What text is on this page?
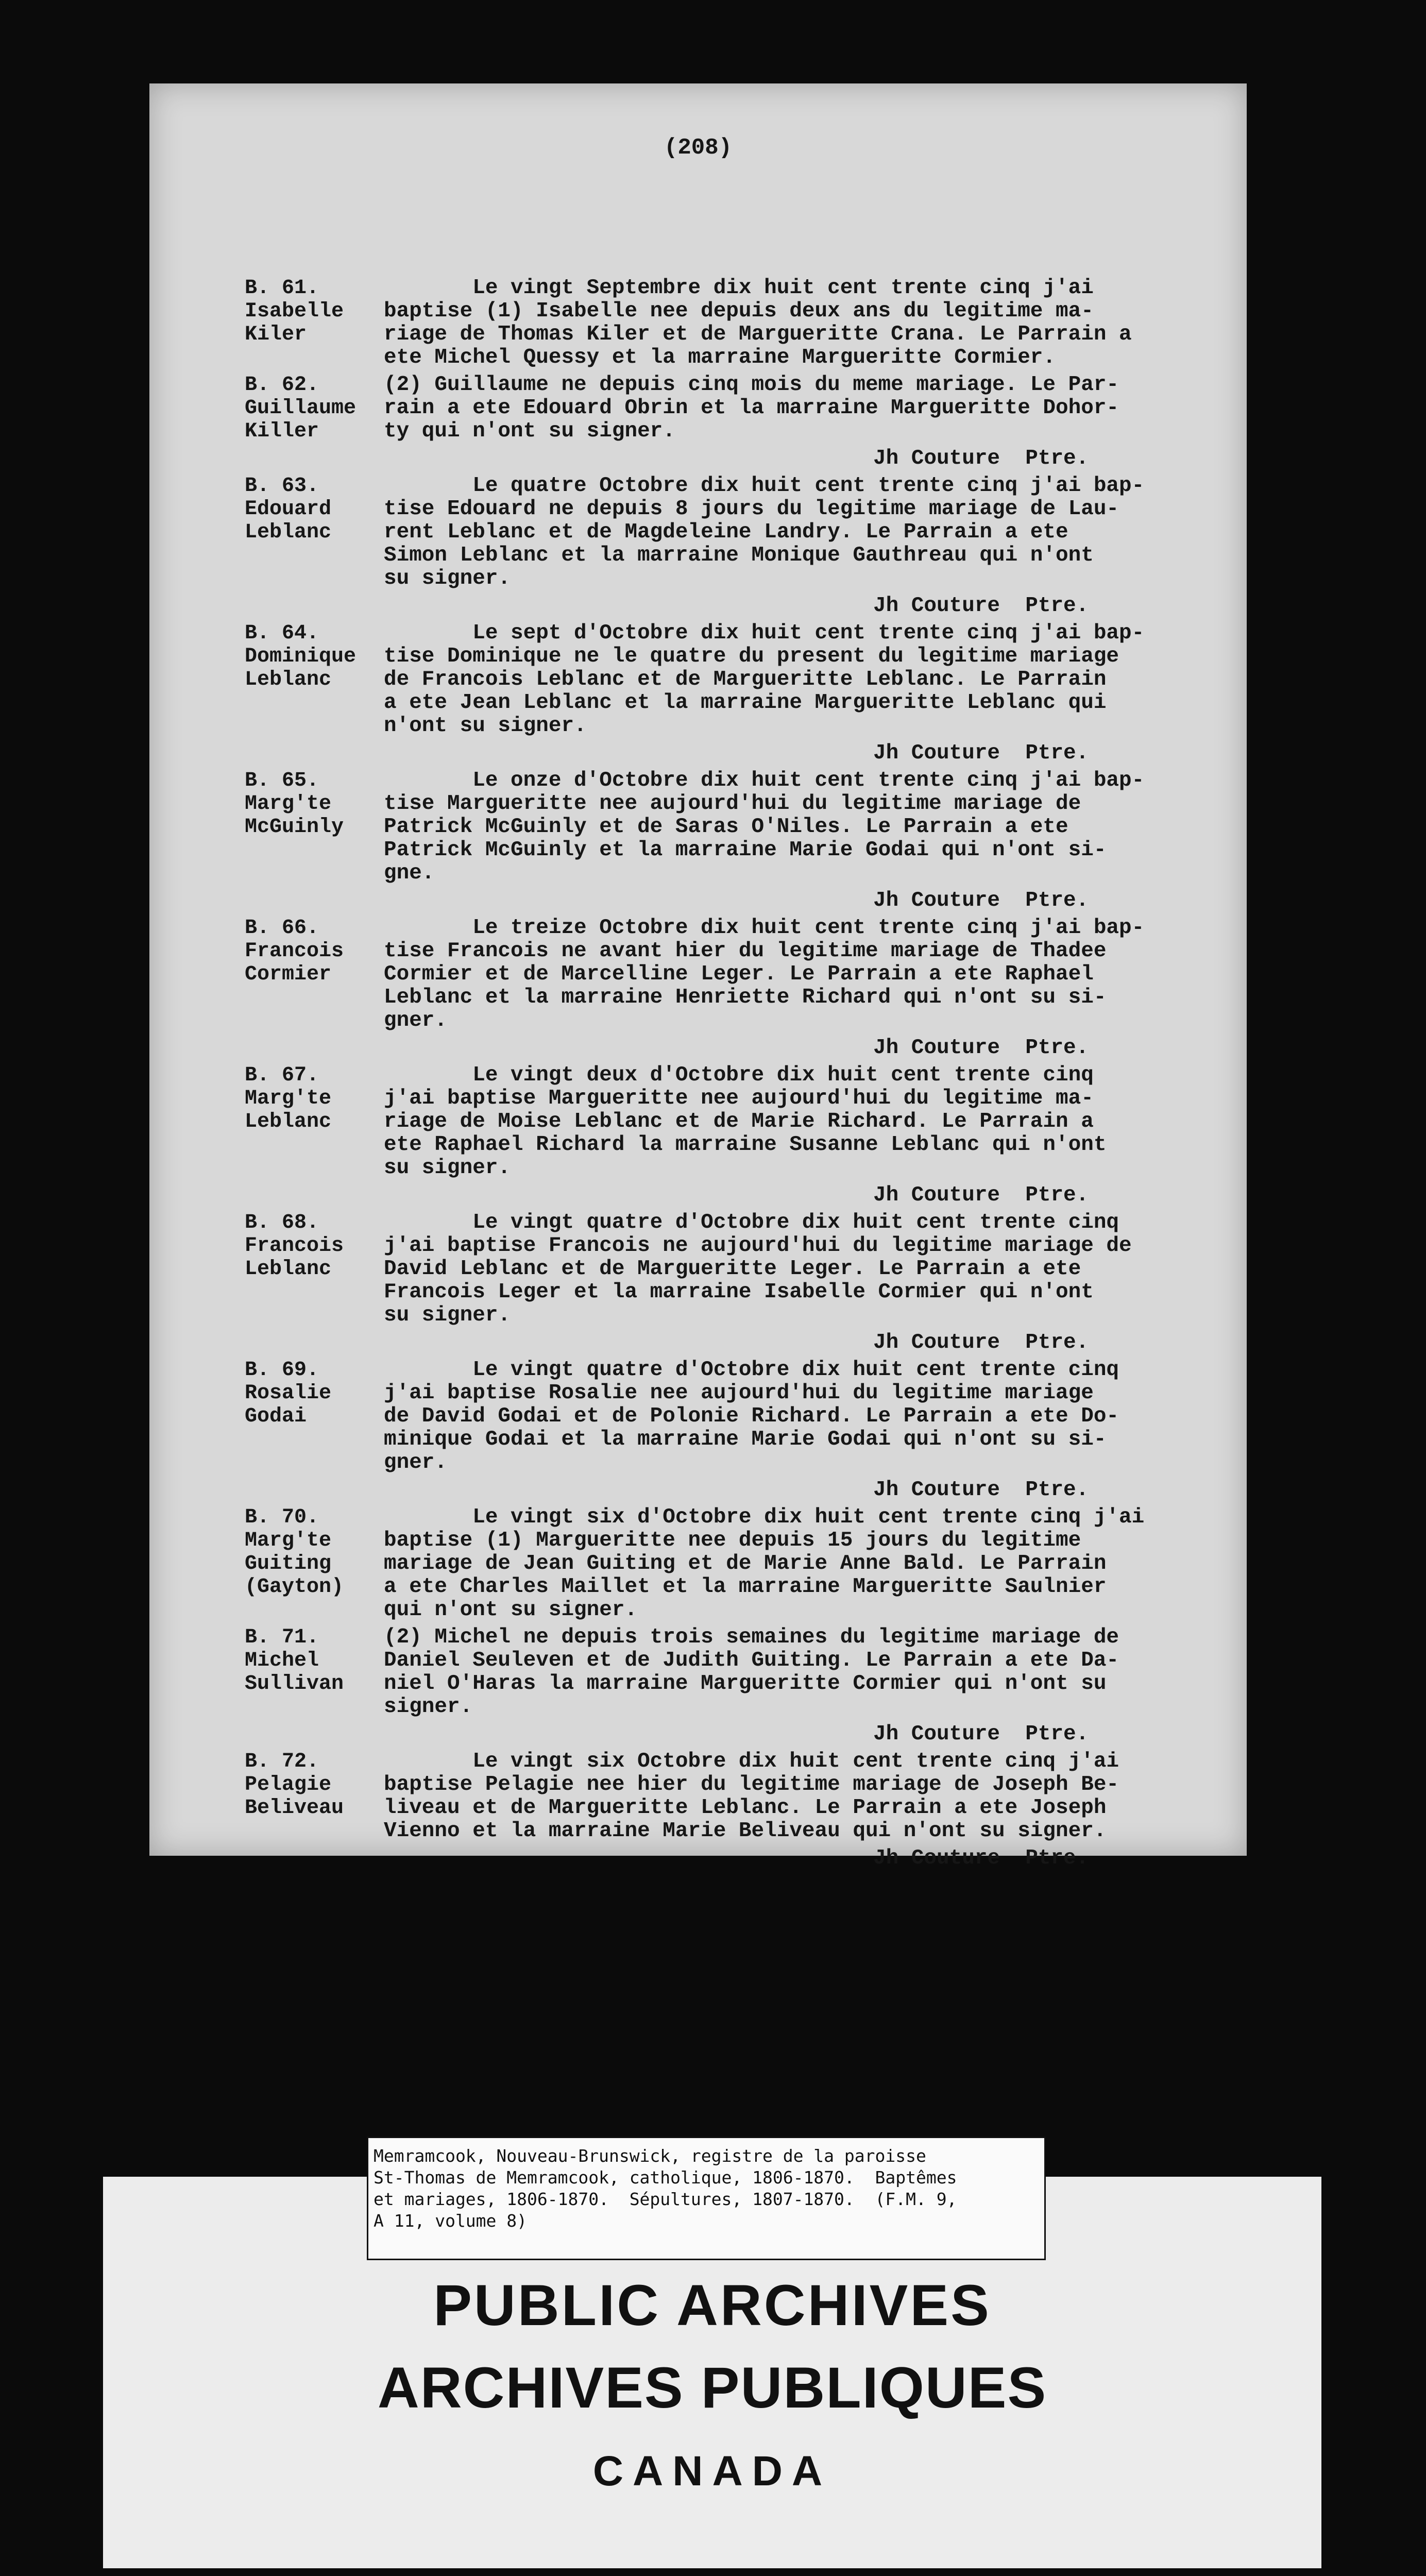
(208)
B. 61.
Isabelle
Kiler
Le vingt Septembre dix huit cent trente cinq j'ai
baptise (1) Isabelle nee depuis deux ans du legitime ma-
riage de Thomas Kiler et de Margueritte Crana. Le Parrain a
ete Michel Quessy et la marraine Margueritte Cormier.
B. 62.
Guillaume
Killer
(2) Guillaume ne depuis cinq mois du meme mariage. Le Par-
rain a ete Edouard Obrin et la marraine Margueritte Dohor-
ty qui n'ont su signer.
Jh Couture  Ptre.
B. 63.
Edouard
Leblanc
Le quatre Octobre dix huit cent trente cinq j'ai bap-
tise Edouard ne depuis 8 jours du legitime mariage de Lau-
rent Leblanc et de Magdeleine Landry. Le Parrain a ete
Simon Leblanc et la marraine Monique Gauthreau qui n'ont
su signer.
Jh Couture  Ptre.
B. 64.
Dominique
Leblanc
Le sept d'Octobre dix huit cent trente cinq j'ai bap-
tise Dominique ne le quatre du present du legitime mariage
de Francois Leblanc et de Margueritte Leblanc. Le Parrain
a ete Jean Leblanc et la marraine Margueritte Leblanc qui
n'ont su signer.
Jh Couture  Ptre.
B. 65.
Marg'te
McGuinly
Le onze d'Octobre dix huit cent trente cinq j'ai bap-
tise Margueritte nee aujourd'hui du legitime mariage de
Patrick McGuinly et de Saras O'Niles. Le Parrain a ete
Patrick McGuinly et la marraine Marie Godai qui n'ont si-
gne.
Jh Couture  Ptre.
B. 66.
Francois
Cormier
Le treize Octobre dix huit cent trente cinq j'ai bap-
tise Francois ne avant hier du legitime mariage de Thadee
Cormier et de Marcelline Leger. Le Parrain a ete Raphael
Leblanc et la marraine Henriette Richard qui n'ont su si-
gner.
Jh Couture  Ptre.
B. 67.
Marg'te
Leblanc
Le vingt deux d'Octobre dix huit cent trente cinq
j'ai baptise Margueritte nee aujourd'hui du legitime ma-
riage de Moise Leblanc et de Marie Richard. Le Parrain a
ete Raphael Richard la marraine Susanne Leblanc qui n'ont
su signer.
Jh Couture  Ptre.
B. 68.
Francois
Leblanc
Le vingt quatre d'Octobre dix huit cent trente cinq
j'ai baptise Francois ne aujourd'hui du legitime mariage de
David Leblanc et de Margueritte Leger. Le Parrain a ete
Francois Leger et la marraine Isabelle Cormier qui n'ont
su signer.
Jh Couture  Ptre.
B. 69.
Rosalie
Godai
Le vingt quatre d'Octobre dix huit cent trente cinq
j'ai baptise Rosalie nee aujourd'hui du legitime mariage
de David Godai et de Polonie Richard. Le Parrain a ete Do-
minique Godai et la marraine Marie Godai qui n'ont su si-
gner.
Jh Couture  Ptre.
B. 70.
Marg'te
Guiting
(Gayton)
Le vingt six d'Octobre dix huit cent trente cinq j'ai
baptise (1) Margueritte nee depuis 15 jours du legitime
mariage de Jean Guiting et de Marie Anne Bald. Le Parrain
a ete Charles Maillet et la marraine Margueritte Saulnier
qui n'ont su signer.
B. 71.
Michel
Sullivan
(2) Michel ne depuis trois semaines du legitime mariage de
Daniel Seuleven et de Judith Guiting. Le Parrain a ete Da-
niel O'Haras la marraine Margueritte Cormier qui n'ont su
signer.
Jh Couture  Ptre.
B. 72.
Pelagie
Beliveau
Le vingt six Octobre dix huit cent trente cinq j'ai
baptise Pelagie nee hier du legitime mariage de Joseph Be-
liveau et de Margueritte Leblanc. Le Parrain a ete Joseph
Vienno et la marraine Marie Beliveau qui n'ont su signer.
Jh Couture  Ptre.
Memramcook, Nouveau-Brunswick, registre de la paroisse
St-Thomas de Memramcook, catholique, 1806-1870.  Baptêmes
et mariages, 1806-1870.  Sépultures, 1807-1870.  (F.M. 9,
A 11, volume 8)
PUBLIC ARCHIVES
ARCHIVES PUBLIQUES
CANADA
